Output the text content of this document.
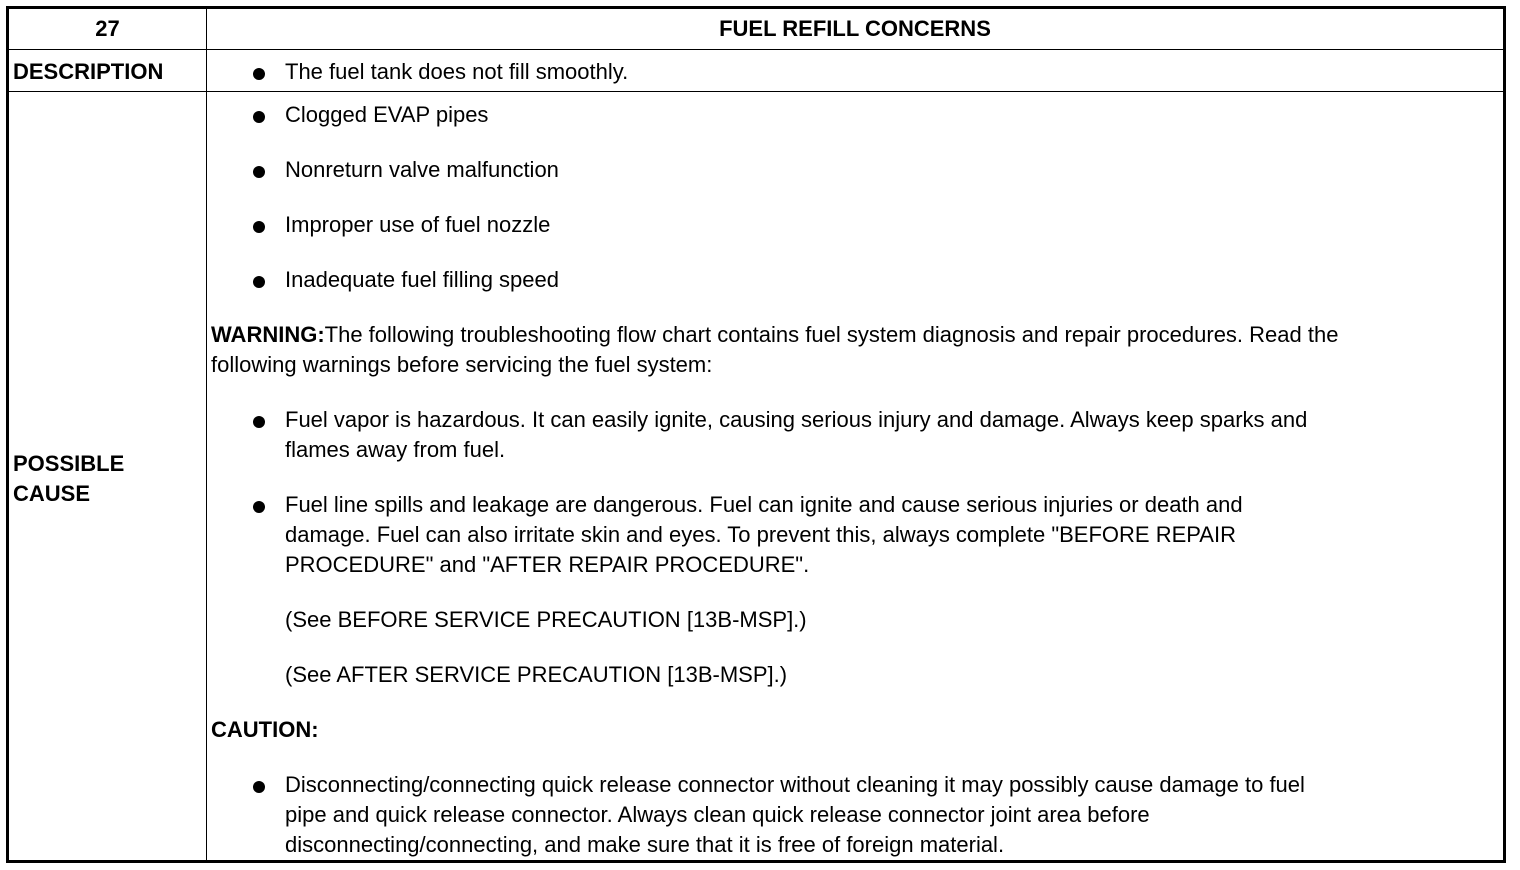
27	FUEL REFILL CONCERNS
DESCRIPTION	The fuel tank does not fill smoothly.
POSSIBLE
CAUSE
Clogged EVAP pipes
Nonreturn valve malfunction
Improper use of fuel nozzle
Inadequate fuel filling speed
WARNING:The following troubleshooting flow chart contains fuel system diagnosis and repair procedures. Read the
following warnings before servicing the fuel system:
Fuel vapor is hazardous. It can easily ignite, causing serious injury and damage. Always keep sparks and
flames away from fuel.
Fuel line spills and leakage are dangerous. Fuel can ignite and cause serious injuries or death and
damage. Fuel can also irritate skin and eyes. To prevent this, always complete "BEFORE REPAIR
PROCEDURE" and "AFTER REPAIR PROCEDURE".
(See BEFORE SERVICE PRECAUTION [13B-MSP].)
(See AFTER SERVICE PRECAUTION [13B-MSP].)
CAUTION:
Disconnecting/connecting quick release connector without cleaning it may possibly cause damage to fuel
pipe and quick release connector. Always clean quick release connector joint area before
disconnecting/connecting, and make sure that it is free of foreign material.
